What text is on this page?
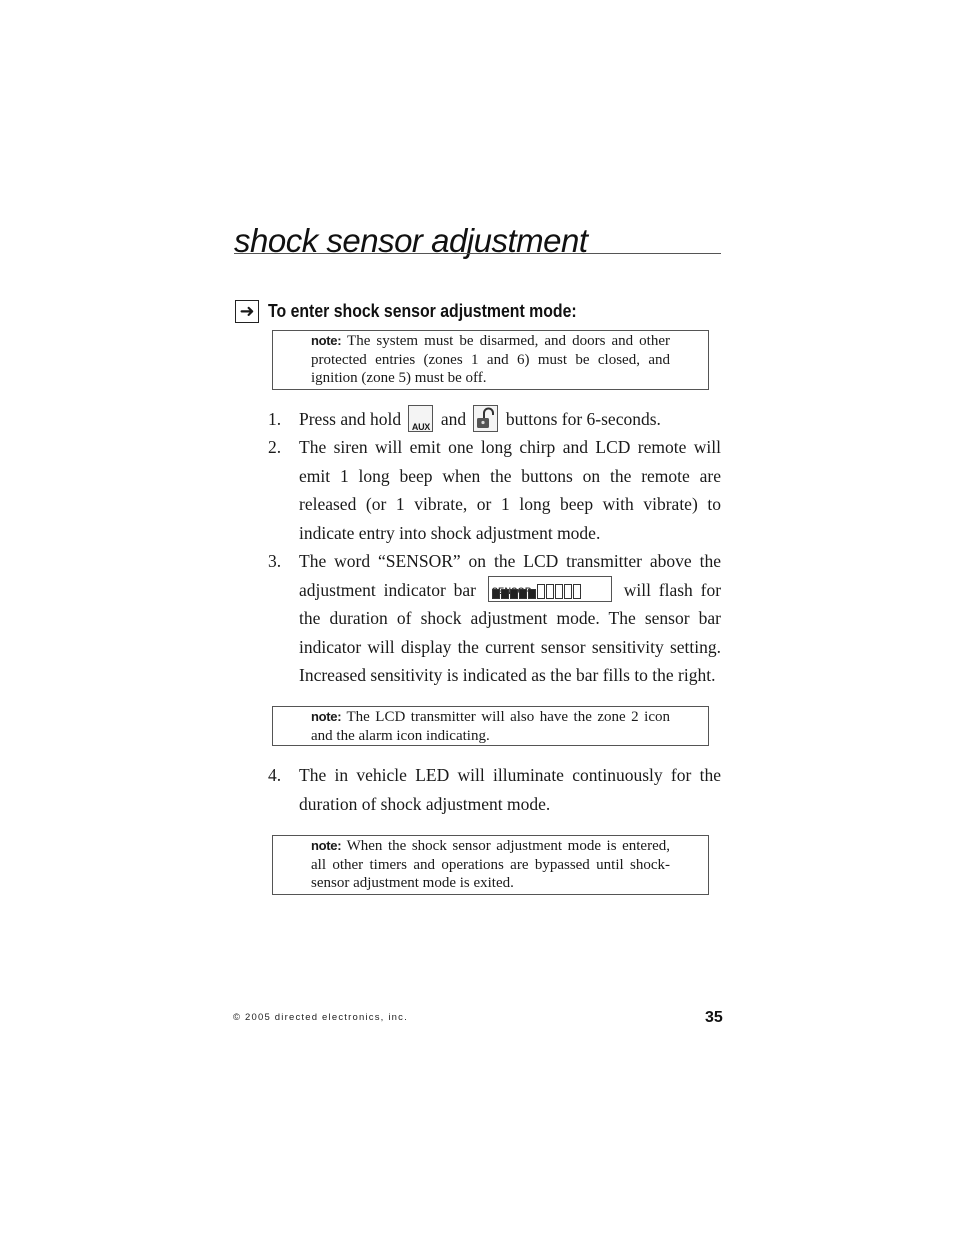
shock sensor adjustment
➜ To enter shock sensor adjustment mode:
note: The system must be disarmed, and doors and other protected entries (zones 1 and 6) must be closed, and ignition (zone 5) must be off.
1. Press and hold AUX and buttons for 6-seconds.
2. The siren will emit one long chirp and LCD remote will emit 1 long beep when the buttons on the remote are released (or 1 vibrate, or 1 long beep with vibrate) to indicate entry into shock adjustment mode.
3. The word “SENSOR” on the LCD transmitter above the adjustment indicator bar	will flash for the duration of shock adjustment mode. The sensor bar indicator will display the current sensor sensitivity setting. Increased sensitivity is indicated as the bar fills to the right.
note: The LCD transmitter will also have the zone 2 icon and the alarm icon indicating.
4. The in vehicle LED will illuminate continuously for the duration of shock adjustment mode.
note: When the shock sensor adjustment mode is entered, all other timers and operations are bypassed until shock-sensor adjustment mode is exited.
© 2005 directed electronics, inc.	35
